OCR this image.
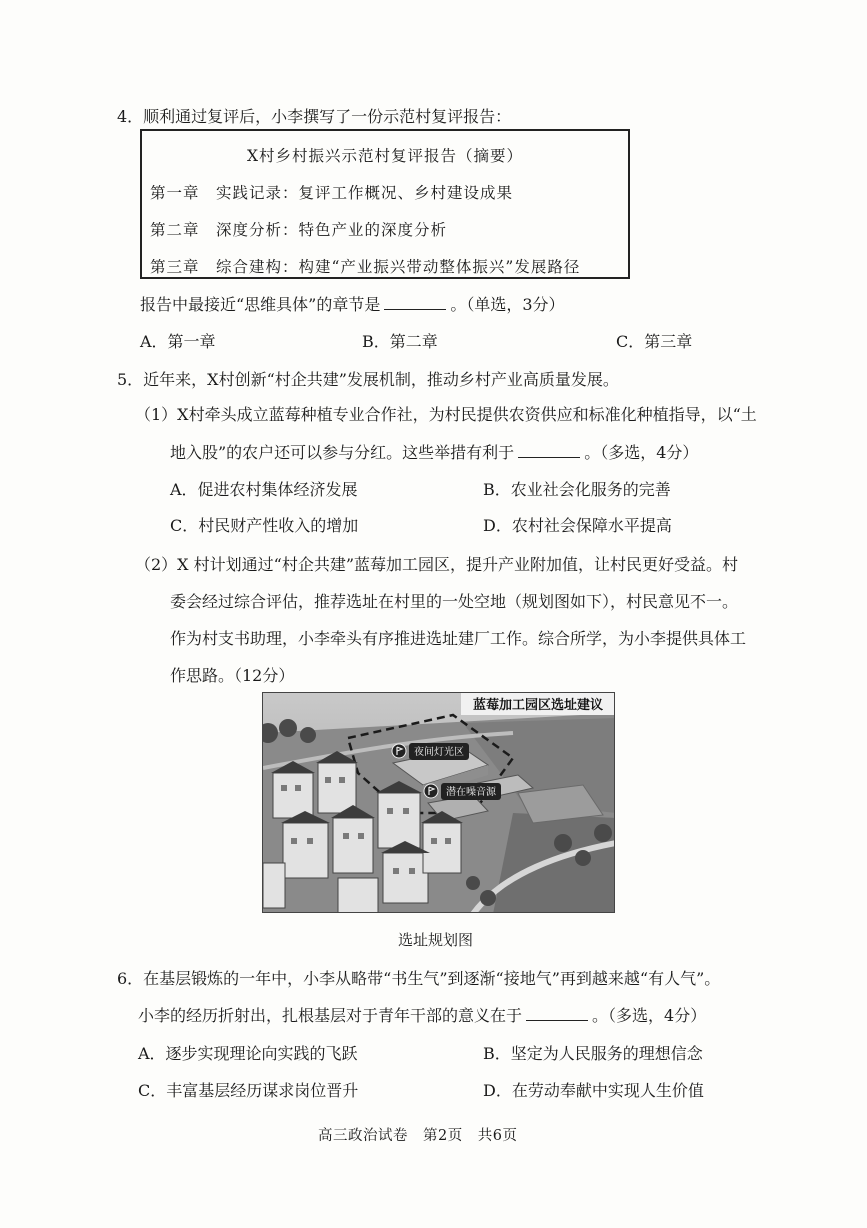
4．顺利通过复评后，小李撰写了一份示范村复评报告：
X村乡村振兴示范村复评报告（摘要）
第一章　实践记录：复评工作概况、乡村建设成果
第二章　深度分析：特色产业的深度分析
第三章　综合建构：构建“产业振兴带动整体振兴”发展路径
报告中最接近“思维具体”的章节是	。（单选，3分）
A．第一章	B．第二章	C．第三章
5．近年来，X村创新“村企共建”发展机制，推动乡村产业高质量发展。
（1）X村牵头成立蓝莓种植专业合作社，为村民提供农资供应和标准化种植指导，以“土
地入股”的农户还可以参与分红。这些举措有利于	。（多选，4分）
A．促进农村集体经济发展	B．农业社会化服务的完善
C．村民财产性收入的增加	D．农村社会保障水平提高
（2）X 村计划通过“村企共建”蓝莓加工园区，提升产业附加值，让村民更好受益。村
委会经过综合评估，推荐选址在村里的一处空地（规划图如下），村民意见不一。
作为村支书助理，小李牵头有序推进选址建厂工作。综合所学，为小李提供具体工
作思路。（12分）
蓝莓加工园区选址建议
夜间灯光区
潜在噪音源
选址规划图
6．在基层锻炼的一年中，小李从略带“书生气”到逐渐“接地气”再到越来越“有人气”。
小李的经历折射出，扎根基层对于青年干部的意义在于	。（多选，4分）
A．逐步实现理论向实践的飞跃	B．坚定为人民服务的理想信念
C．丰富基层经历谋求岗位晋升	D．在劳动奉献中实现人生价值
高三政治试卷　第2页　共6页
